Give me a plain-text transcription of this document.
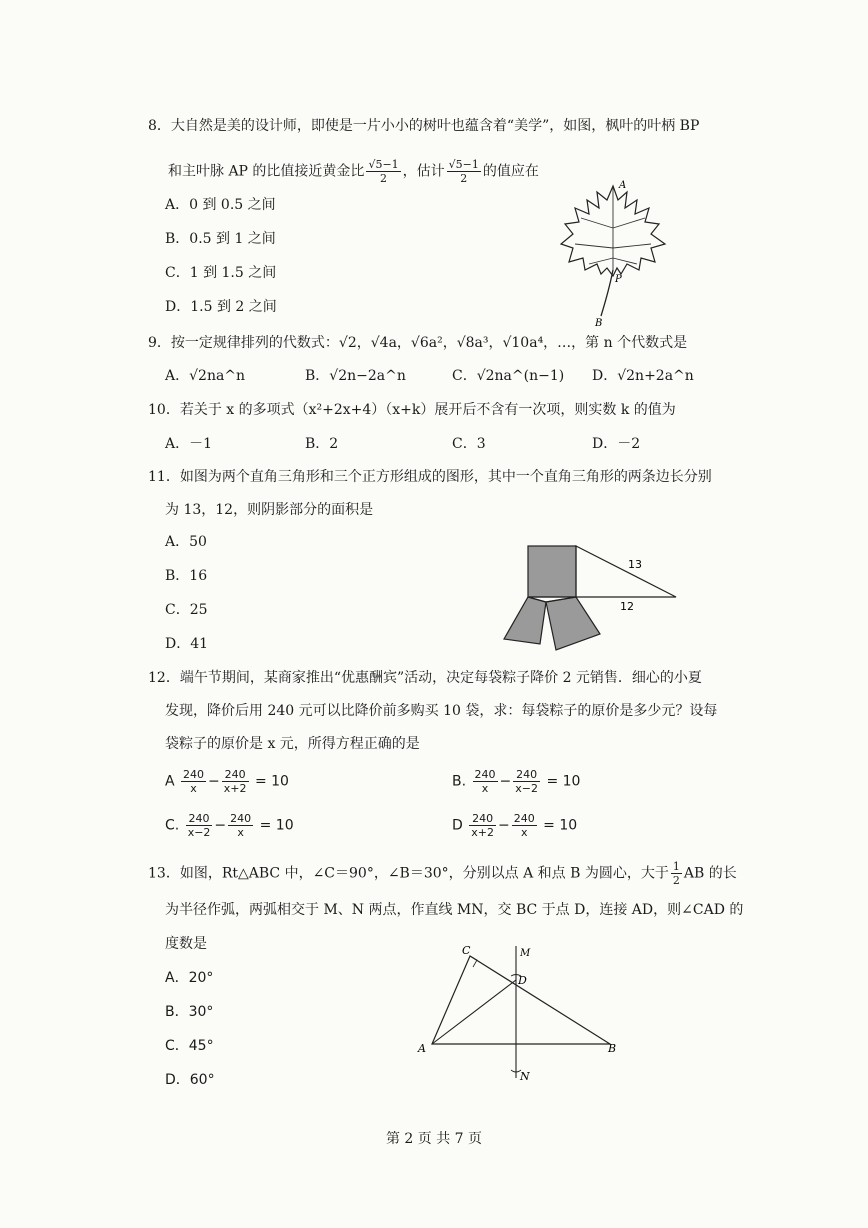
8．大自然是美的设计师，即使是一片小小的树叶也蕴含着“美学”，如图，枫叶的叶柄 BP
和主叶脉 AP 的比值接近黄金比 $\frac{√5-1}{2}$ ，估计 $\frac{√5-1}{2}$ 的值应在
A．0 到 0.5 之间
B．0.5 到 1 之间
C．1 到 1.5 之间
D．1.5 到 2 之间
A
P
B
9．按一定规律排列的代数式：√2，√4a，√6a²，√8a³，√10a⁴，…，第 n 个代数式是
A．√2na^n	B．√2n−2a^n	C．√2na^(n−1) D．√2n+2a^n
10．若关于 x 的多项式（x²+2x+4）（x+k）展开后不含有一次项，则实数 k 的值为
A．－1	B．2	C．3	D．－2
11．如图为两个直角三角形和三个正方形组成的图形，其中一个直角三角形的两条边长分别
为 13，12，则阴影部分的面积是
A．50
B．16
C．25
D．41
13
12
12．端午节期间，某商家推出“优惠酬宾”活动，决定每袋粽子降价 2 元销售．细心的小夏
发现，降价后用 240 元可以比降价前多购买 10 袋，求：每袋粽子的原价是多少元？设每
袋粽子的原价是 x 元，所得方程正确的是
A $\frac{240}{x} - \frac{240}{x+2} = 10$	B. $\frac{240}{x} - \frac{240}{x-2} = 10$
C. $\frac{240}{x-2} - \frac{240}{x} = 10$	D $\frac{240}{x+2} - \frac{240}{x} = 10$
13．如图，Rt△ABC 中，∠C＝90°，∠B＝30°，分别以点 A 和点 B 为圆心，大于 $\frac{1}{2}$ AB 的长
为半径作弧，两弧相交于 M、N 两点，作直线 MN，交 BC 于点 D，连接 AD，则∠CAD 的
度数是
A．20°
B．30°
C．45°
D．60°
C	M
D
A	B
N
第 2 页 共 7 页
